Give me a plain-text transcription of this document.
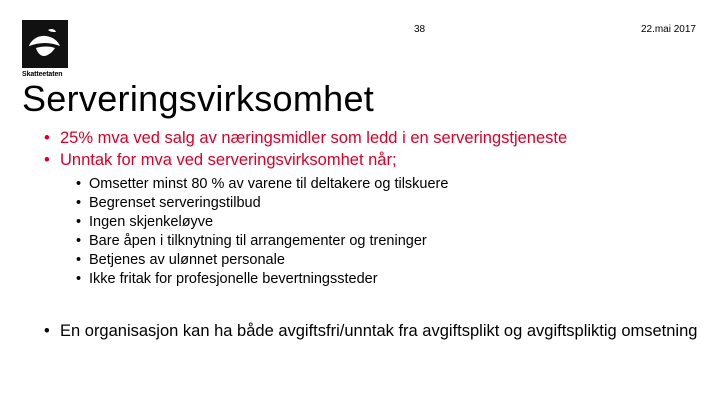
Skatteetaten
38	22.mai 2017
Serveringsvirksomhet
• 25% mva ved salg av næringsmidler som ledd i en serveringstjeneste
• Unntak for mva ved serveringsvirksomhet når;
• Omsetter minst 80 % av varene til deltakere og tilskuere
• Begrenset serveringstilbud
• Ingen skjenkeløyve
• Bare åpen i tilknytning til arrangementer og treninger
• Betjenes av ulønnet personale
• Ikke fritak for profesjonelle bevertningssteder
• En organisasjon kan ha både avgiftsfri/unntak fra avgiftsplikt og avgiftspliktig omsetning
